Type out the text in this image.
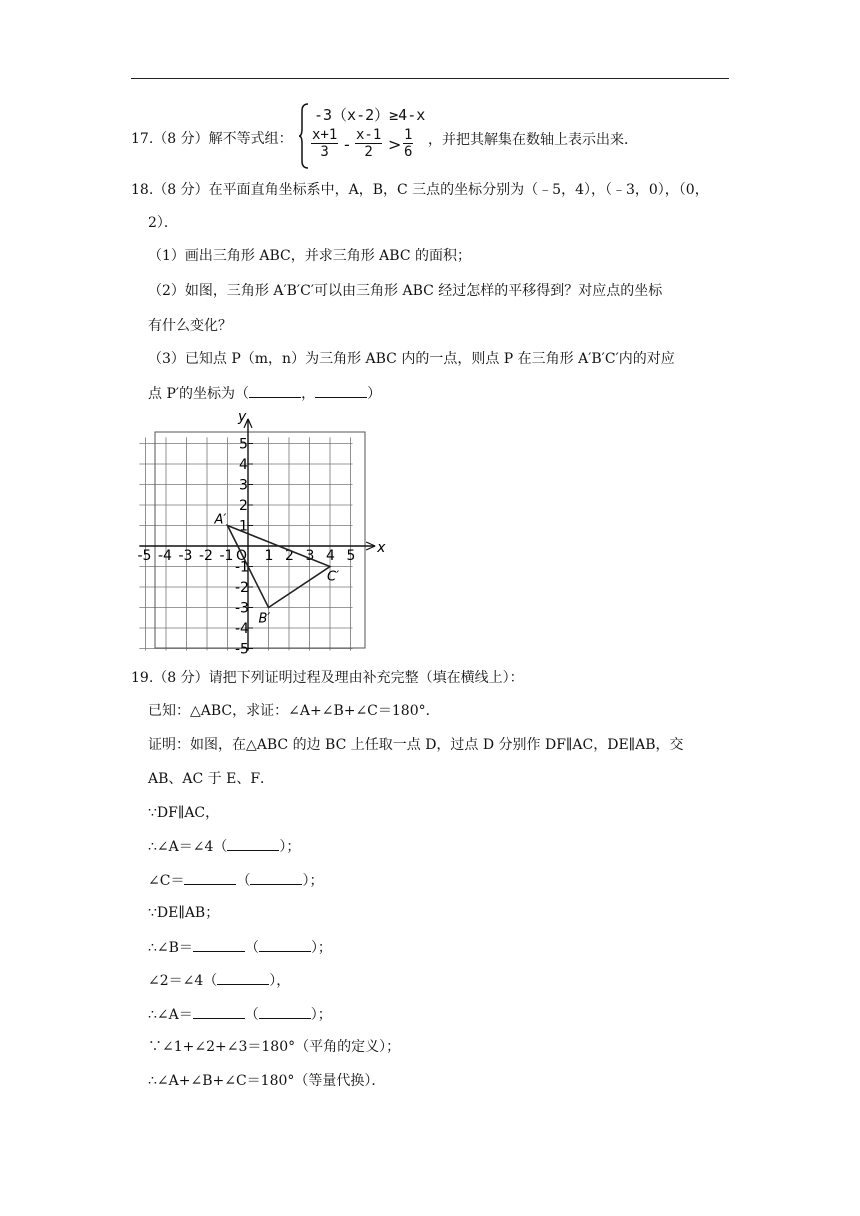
17.（8 分）解不等式组：
-3（x-2）≥4-x
$\frac{x+1}{3} - \frac{x-1}{2} > \frac{1}{6}$ ，并把其解集在数轴上表示出来．
18.（8 分）在平面直角坐标系中，A，B，C 三点的坐标分别为（﹣5，4），（﹣3，0），（0，
2）．
（1）画出三角形 ABC，并求三角形 ABC 的面积；
（2）如图，三角形 A′B′C′可以由三角形 ABC 经过怎样的平移得到？对应点的坐标
有什么变化？
（3）已知点 P（m，n）为三角形 ABC 内的一点，则点 P 在三角形 A′B′C′内的对应
点 P′的坐标为（	，	）
x
y
-5 -4 -3 -2 -1 O 1 2 3 4 5
5
4
3
2
1
-1
-2
-3
-4
-5
A′
B′
C′
19.（8 分）请把下列证明过程及理由补充完整（填在横线上）：
已知：△ABC，求证：∠A+∠B+∠C＝180°．
证明：如图，在△ABC 的边 BC 上任取一点 D，过点 D 分别作 DF∥AC，DE∥AB，交
AB、AC 于 E、F．
∵DF∥AC，
∴∠A＝∠4（	）；
∠C＝	（	）；
∵DE∥AB；
∴∠B＝	（	）；
∠2＝∠4（	），
∴∠A＝	（	）；
∵∠1+∠2+∠3＝180°（平角的定义）；
∴∠A+∠B+∠C＝180°（等量代换）．
